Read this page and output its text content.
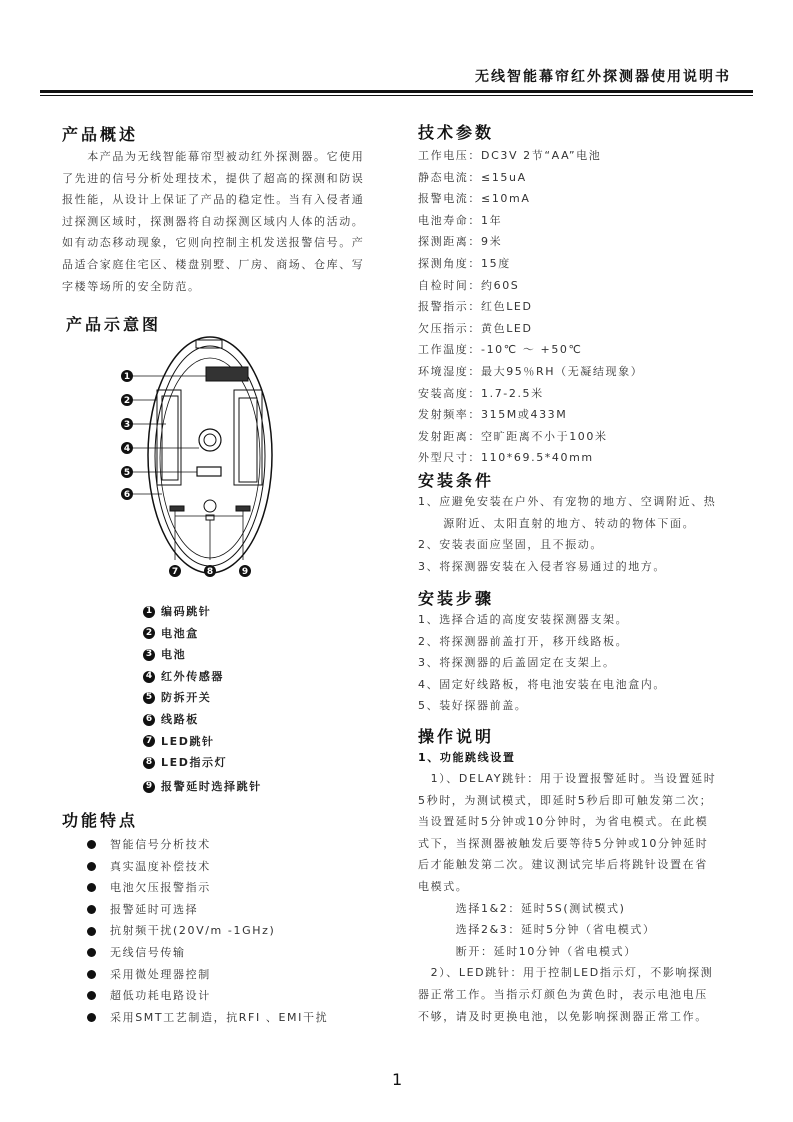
无线智能幕帘红外探测器使用说明书
产品概述
　　本产品为无线智能幕帘型被动红外探测器。它使用
了先进的信号分析处理技术，提供了超高的探测和防误
报性能，从设计上保证了产品的稳定性。当有入侵者通
过探测区域时，探测器将自动探测区域内人体的活动。
如有动态移动现象，它则向控制主机发送报警信号。产
品适合家庭住宅区、楼盘别墅、厂房、商场、仓库、写
字楼等场所的安全防范。
产品示意图
1
2
3
4
5
6
7	8	9
1 编码跳针
2 电池盒
3 电池
4 红外传感器
5 防拆开关
6 线路板
7 LED跳针
8 LED指示灯
9 报警延时选择跳针
功能特点
智能信号分析技术
真实温度补偿技术
电池欠压报警指示
报警延时可选择
抗射频干扰(20V/m -1GHz)
无线信号传输
采用微处理器控制
超低功耗电路设计
采用SMT工艺制造，抗RFI 、EMI干扰
技术参数
工作电压：DC3V 2节“AA”电池
静态电流：≤15uA
报警电流：≤10mA
电池寿命：1年
探测距离：9米
探测角度：15度
自检时间：约60S
报警指示：红色LED
欠压指示：黄色LED
工作温度：-10℃ ～ +50℃
环境湿度：最大95％RH（无凝结现象）
安装高度：1.7-2.5米
发射频率：315M或433M
发射距离：空旷距离不小于100米
外型尺寸：110*69.5*40mm
安装条件
1、应避免安装在户外、有宠物的地方、空调附近、热
　　源附近、太阳直射的地方、转动的物体下面。
2、安装表面应坚固，且不振动。
3、将探测器安装在入侵者容易通过的地方。
安装步骤
1、选择合适的高度安装探测器支架。
2、将探测器前盖打开，移开线路板。
3、将探测器的后盖固定在支架上。
4、固定好线路板，将电池安装在电池盒内。
5、装好探器前盖。
操作说明
1、功能跳线设置
　1）、DELAY跳针：用于设置报警延时。当设置延时
5秒时，为测试模式，即延时5秒后即可触发第二次；
当设置延时5分钟或10分钟时，为省电模式。在此模
式下，当探测器被触发后要等待5分钟或10分钟延时
后才能触发第二次。建议测试完毕后将跳针设置在省
电模式。
　　　选择1&2：延时5S(测试模式)
　　　选择2&3：延时5分钟（省电模式）
　　　断开：延时10分钟（省电模式）
　2）、LED跳针：用于控制LED指示灯，不影响探测
器正常工作。当指示灯颜色为黄色时，表示电池电压
不够，请及时更换电池，以免影响探测器正常工作。
1
